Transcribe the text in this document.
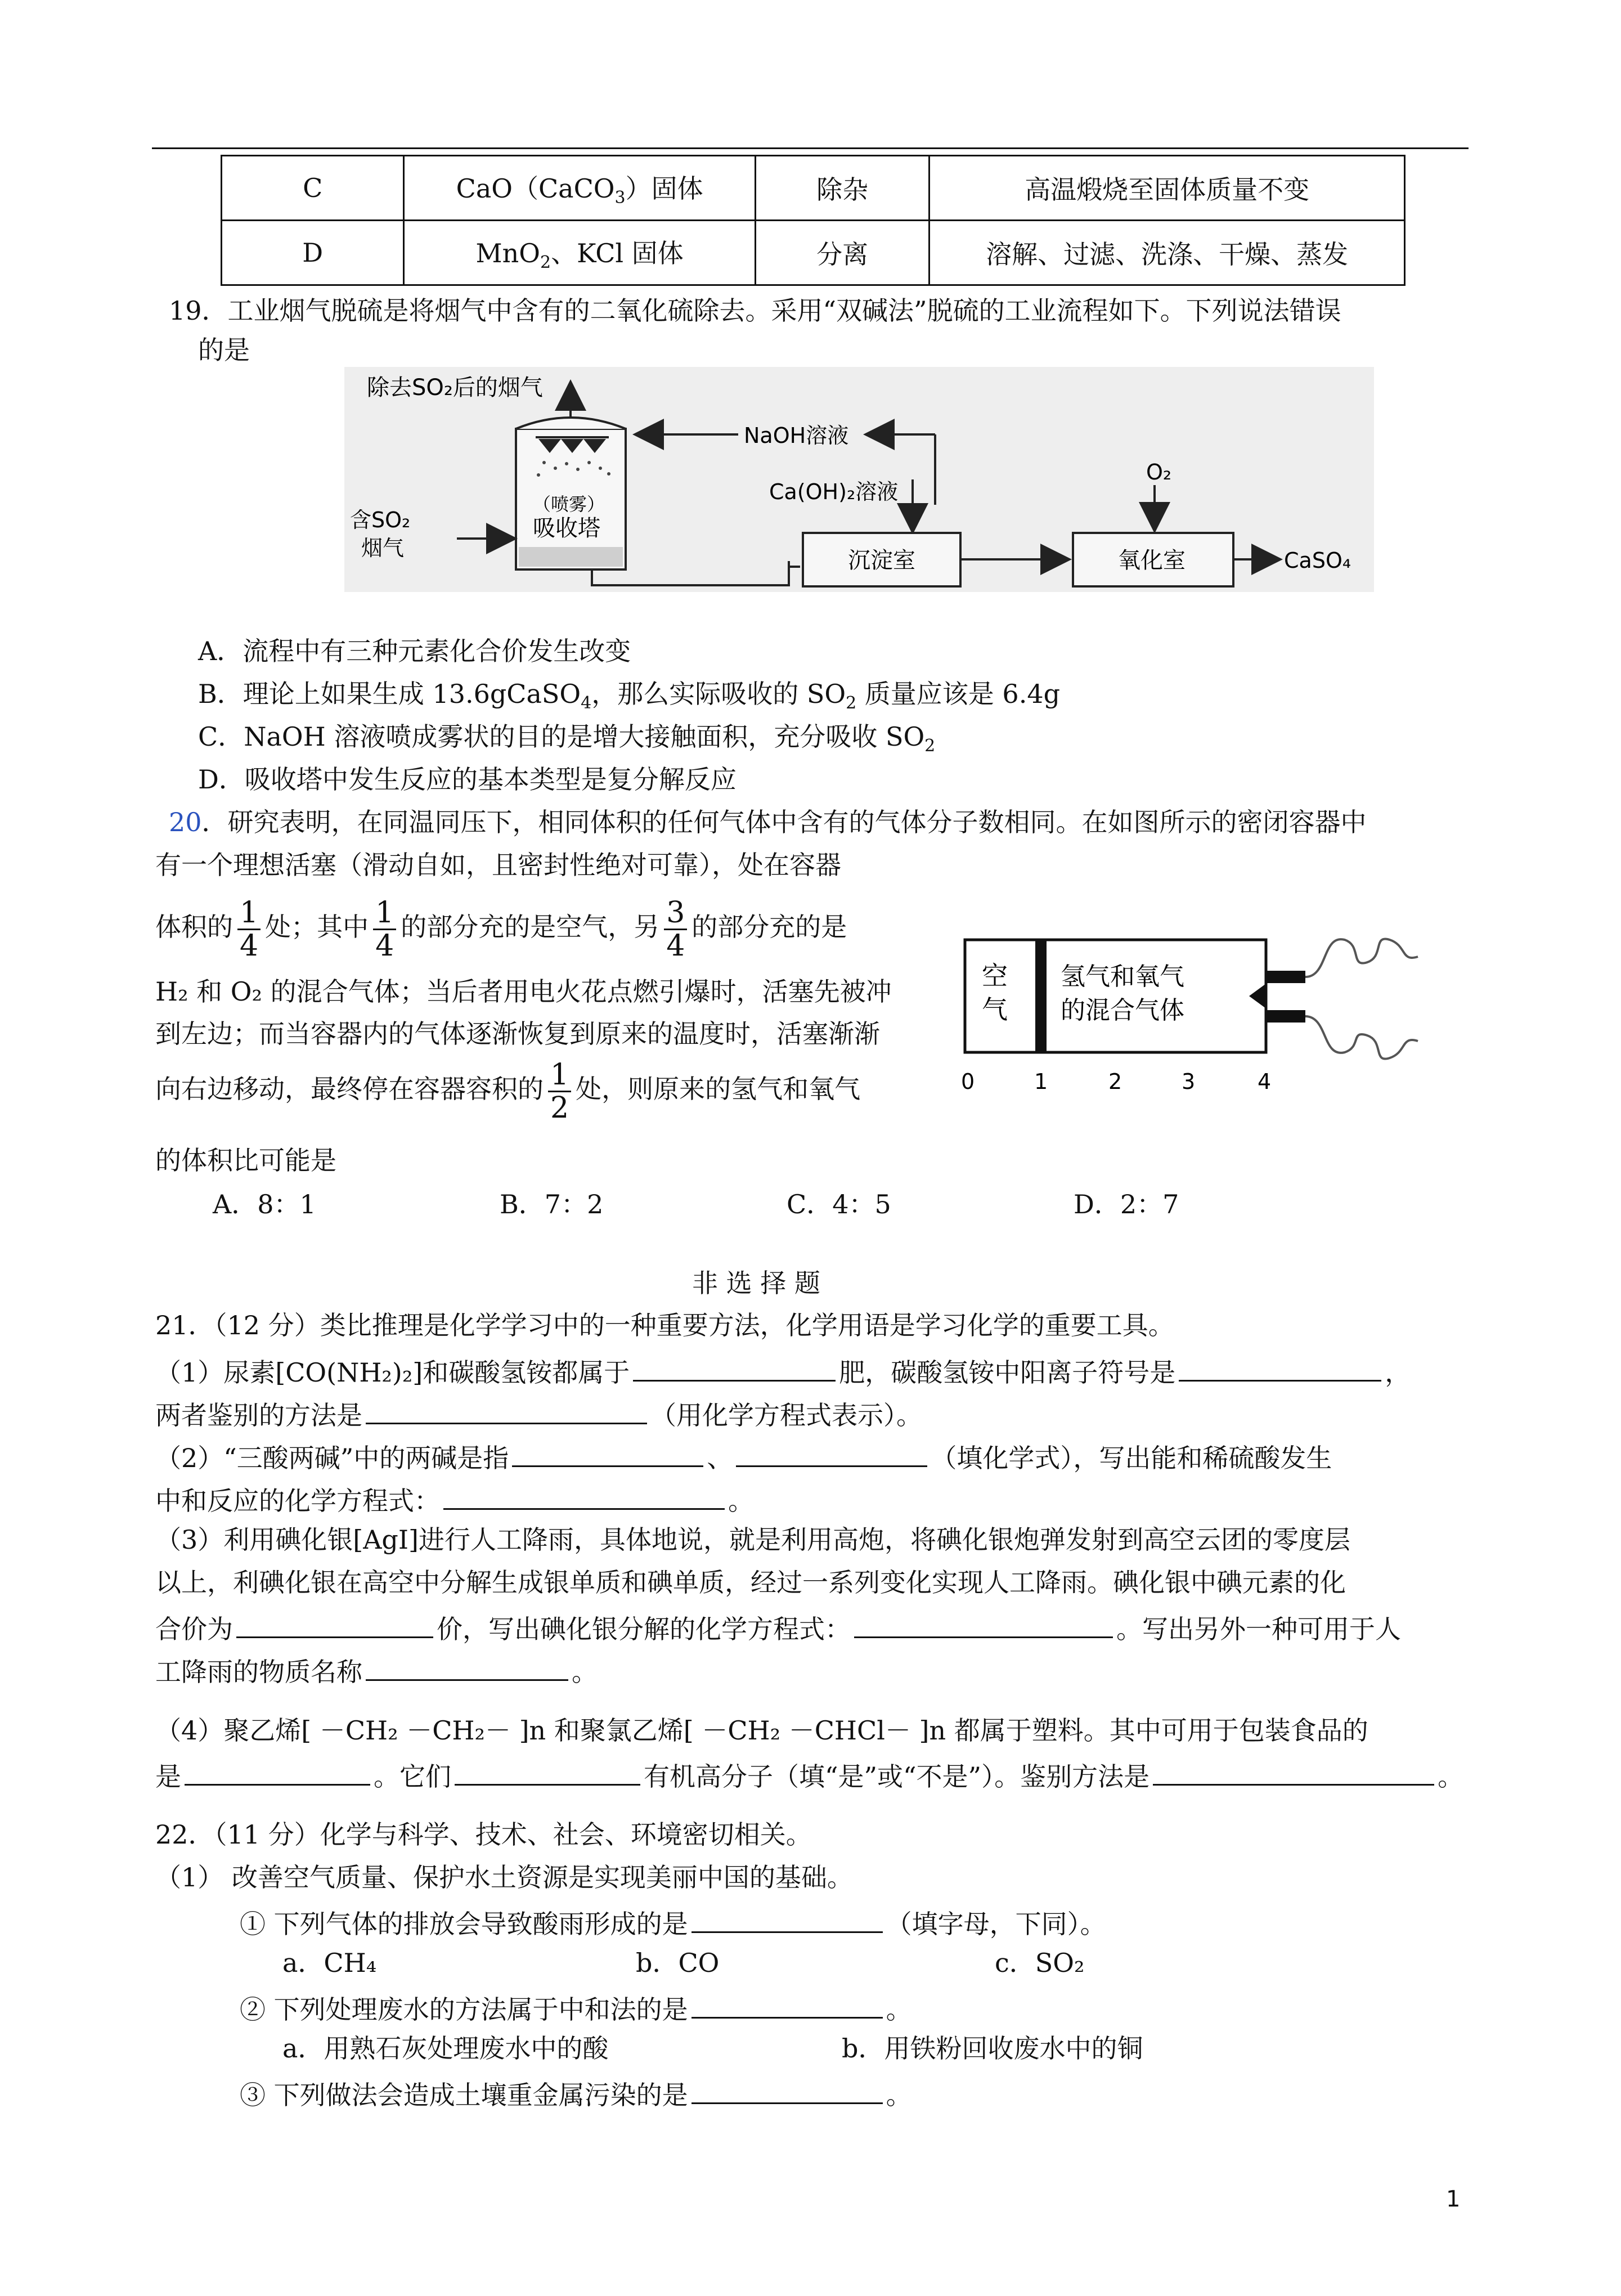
C	CaO（CaCO$_3$）固体	除杂	高温煅烧至固体质量不变
D	MnO$_2$、KCl 固体	分离	溶解、过滤、洗涤、干燥、蒸发
19．工业烟气脱硫是将烟气中含有的二氧化硫除去。采用“双碱法”脱硫的工业流程如下。下列说法错误
的是
除去SO₂后的烟气
NaOH溶液
Ca(OH)₂溶液
O₂
（喷雾）
吸收塔
含SO₂
烟气	沉淀室	氧化室	CaSO₄
A．流程中有三种元素化合价发生改变
B．理论上如果生成 13.6gCaSO$_4$，那么实际吸收的 $SO_2$ 质量应该是 6.4g
C．NaOH 溶液喷成雾状的目的是增大接触面积，充分吸收 $SO_2$
D．吸收塔中发生反应的基本类型是复分解反应
20．研究表明，在同温同压下，相同体积的任何气体中含有的气体分子数相同。在如图所示的密闭容器中
有一个理想活塞（滑动自如，且密封性绝对可靠），处在容器
体积的 $\frac{1}{4}$ 处；其中 $\frac{1}{4}$ 的部分充的是空气，另 $\frac{3}{4}$ 的部分充的是
H₂ 和 O₂ 的混合气体；当后者用电火花点燃引爆时，活塞先被冲
到左边；而当容器内的气体逐渐恢复到原来的温度时，活塞渐渐
向右边移动，最终停在容器容积的 $\frac{1}{2}$ 处，则原来的氢气和氧气
的体积比可能是
空
气
氢气和氧气
的混合气体
0	1	2	3	4
A．8：1	B．7：2	C．4：5	D．2：7
非 选 择 题
21．（12 分）类比推理是化学学习中的一种重要方法，化学用语是学习化学的重要工具。
（1）尿素[CO(NH₂)₂]和碳酸氢铵都属于	肥，碳酸氢铵中阳离子符号是	，
两者鉴别的方法是	（用化学方程式表示）。
（2）“三酸两碱”中的两碱是指	、	（填化学式），写出能和稀硫酸发生
中和反应的化学方程式：	。
（3）利用碘化银[AgI]进行人工降雨，具体地说，就是利用高炮，将碘化银炮弹发射到高空云团的零度层
以上，利碘化银在高空中分解生成银单质和碘单质，经过一系列变化实现人工降雨。碘化银中碘元素的化
合价为	价，写出碘化银分解的化学方程式：	。写出另外一种可用于人
工降雨的物质名称	。
（4）聚乙烯[ －CH₂ －CH₂－ ]n 和聚氯乙烯[ －CH₂ －CHCl－ ]n 都属于塑料。其中可用于包装食品的
是	。它们	有机高分子（填“是”或“不是”）。鉴别方法是	。
22．（11 分）化学与科学、技术、社会、环境密切相关。
（1） 改善空气质量、保护水土资源是实现美丽中国的基础。
① 下列气体的排放会导致酸雨形成的是	（填字母，下同）。
a．CH₄	b．CO	c．SO₂
② 下列处理废水的方法属于中和法的是	。
a．用熟石灰处理废水中的酸	b．用铁粉回收废水中的铜
③ 下列做法会造成土壤重金属污染的是	。
1
